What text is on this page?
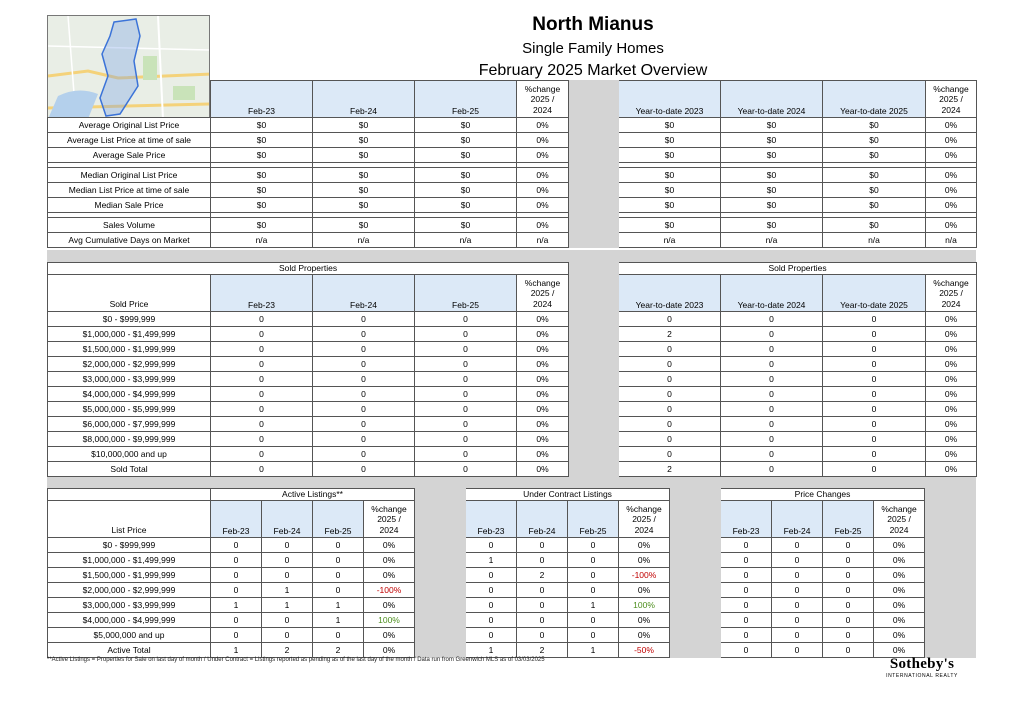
North Mianus
Single Family Homes
February 2025 Market Overview
	Feb-23	Feb-24	Feb-25	%change
2025 /
2024		Year-to-date 2023	Year-to-date 2024	Year-to-date 2025	%change
2025 /
2024
Average Original List Price	$0	$0	$0	0%		$0	$0	$0	0%
Average List Price at time of sale	$0	$0	$0	0%		$0	$0	$0	0%
Average Sale Price	$0	$0	$0	0%		$0	$0	$0	0%

Median Original List Price	$0	$0	$0	0%		$0	$0	$0	0%
Median List Price at time of sale	$0	$0	$0	0%		$0	$0	$0	0%
Median Sale Price	$0	$0	$0	0%		$0	$0	$0	0%

Sales Volume	$0	$0	$0	0%		$0	$0	$0	0%
Avg Cumulative Days on Market	n/a	n/a	n/a	n/a		n/a	n/a	n/a	n/a
Sold Properties						Sold Properties			
Sold Price	Feb-23	Feb-24	Feb-25	%change
2025 /
2024		Year-to-date 2023	Year-to-date 2024	Year-to-date 2025	%change
2025 /
2024
$0 - $999,999	0	0	0	0%		0	0	0	0%
$1,000,000 - $1,499,999	0	0	0	0%		2	0	0	0%
$1,500,000 - $1,999,999	0	0	0	0%		0	0	0	0%
$2,000,000 - $2,999,999	0	0	0	0%		0	0	0	0%
$3,000,000 - $3,999,999	0	0	0	0%		0	0	0	0%
$4,000,000 - $4,999,999	0	0	0	0%		0	0	0	0%
$5,000,000 - $5,999,999	0	0	0	0%		0	0	0	0%
$6,000,000 - $7,999,999	0	0	0	0%		0	0	0	0%
$8,000,000 - $9,999,999	0	0	0	0%		0	0	0	0%
$10,000,000 and up	0	0	0	0%		0	0	0	0%
Sold Total	0	0	0	0%		2	0	0	0%
	Active Listings**					Under Contract Listings					Price Changes				
List Price	Feb-23	Feb-24	Feb-25	%change
2025 /
2024		Feb-23	Feb-24	Feb-25	%change
2025 /
2024		Feb-23	Feb-24	Feb-25	%change
2025 /
2024	
$0 - $999,999	0	0	0	0%		0	0	0	0%		0	0	0	0%	
$1,000,000 - $1,499,999	0	0	0	0%		1	0	0	0%		0	0	0	0%	
$1,500,000 - $1,999,999	0	0	0	0%		0	2	0	-100%		0	0	0	0%	
$2,000,000 - $2,999,999	0	1	0	-100%		0	0	0	0%		0	0	0	0%	
$3,000,000 - $3,999,999	1	1	1	0%		0	0	1	100%		0	0	0	0%	
$4,000,000 - $4,999,999	0	0	1	100%		0	0	0	0%		0	0	0	0%	
$5,000,000 and up	0	0	0	0%		0	0	0	0%		0	0	0	0%	
Active Total	1	2	2	0%		1	2	1	-50%		0	0	0	0%	
**Active Listings = Properties for Sale on last day of month / Under Contract = Listings reported as pending as of the last day of the month / Data run from Greenwich MLS as of 03/03/2025	Sotheby's
INTERNATIONAL REALTY
